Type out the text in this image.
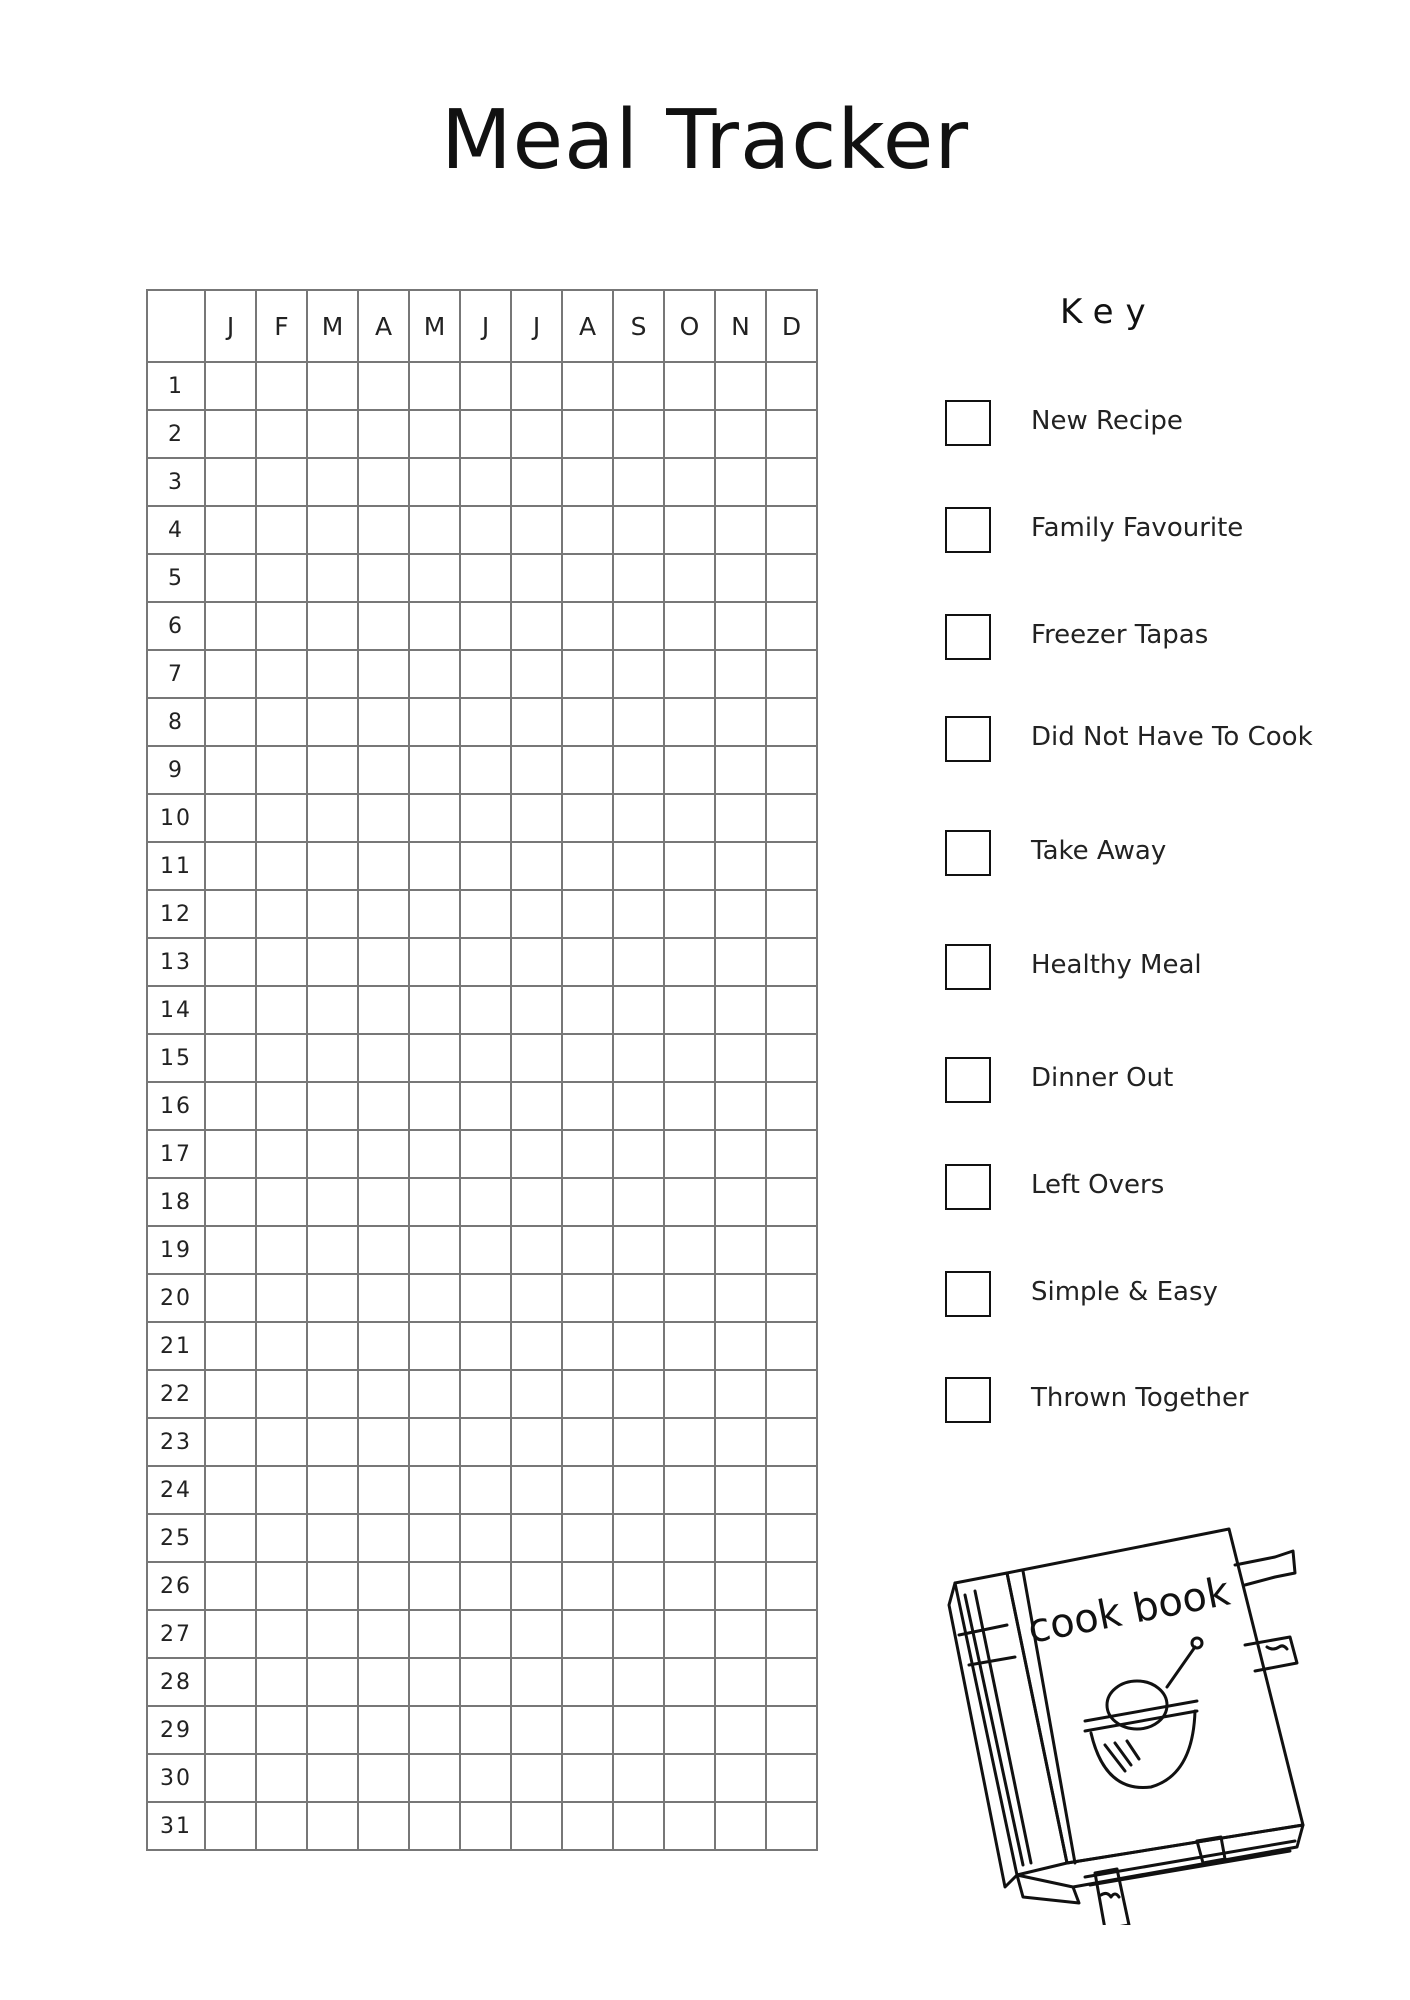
Meal Tracker
	J	F	M	A	M	J	J	A	S	O	N	D
1												
2												
3												
4												
5												
6												
7												
8												
9												
10												
11												
12												
13												
14												
15												
16												
17												
18												
19												
20												
21												
22												
23												
24												
25												
26												
27												
28												
29												
30												
31												
Key
New Recipe
Family Favourite
Freezer Tapas
Did Not Have To Cook
Take Away
Healthy Meal
Dinner Out
Left Overs
Simple & Easy
Thrown Together
cook book
